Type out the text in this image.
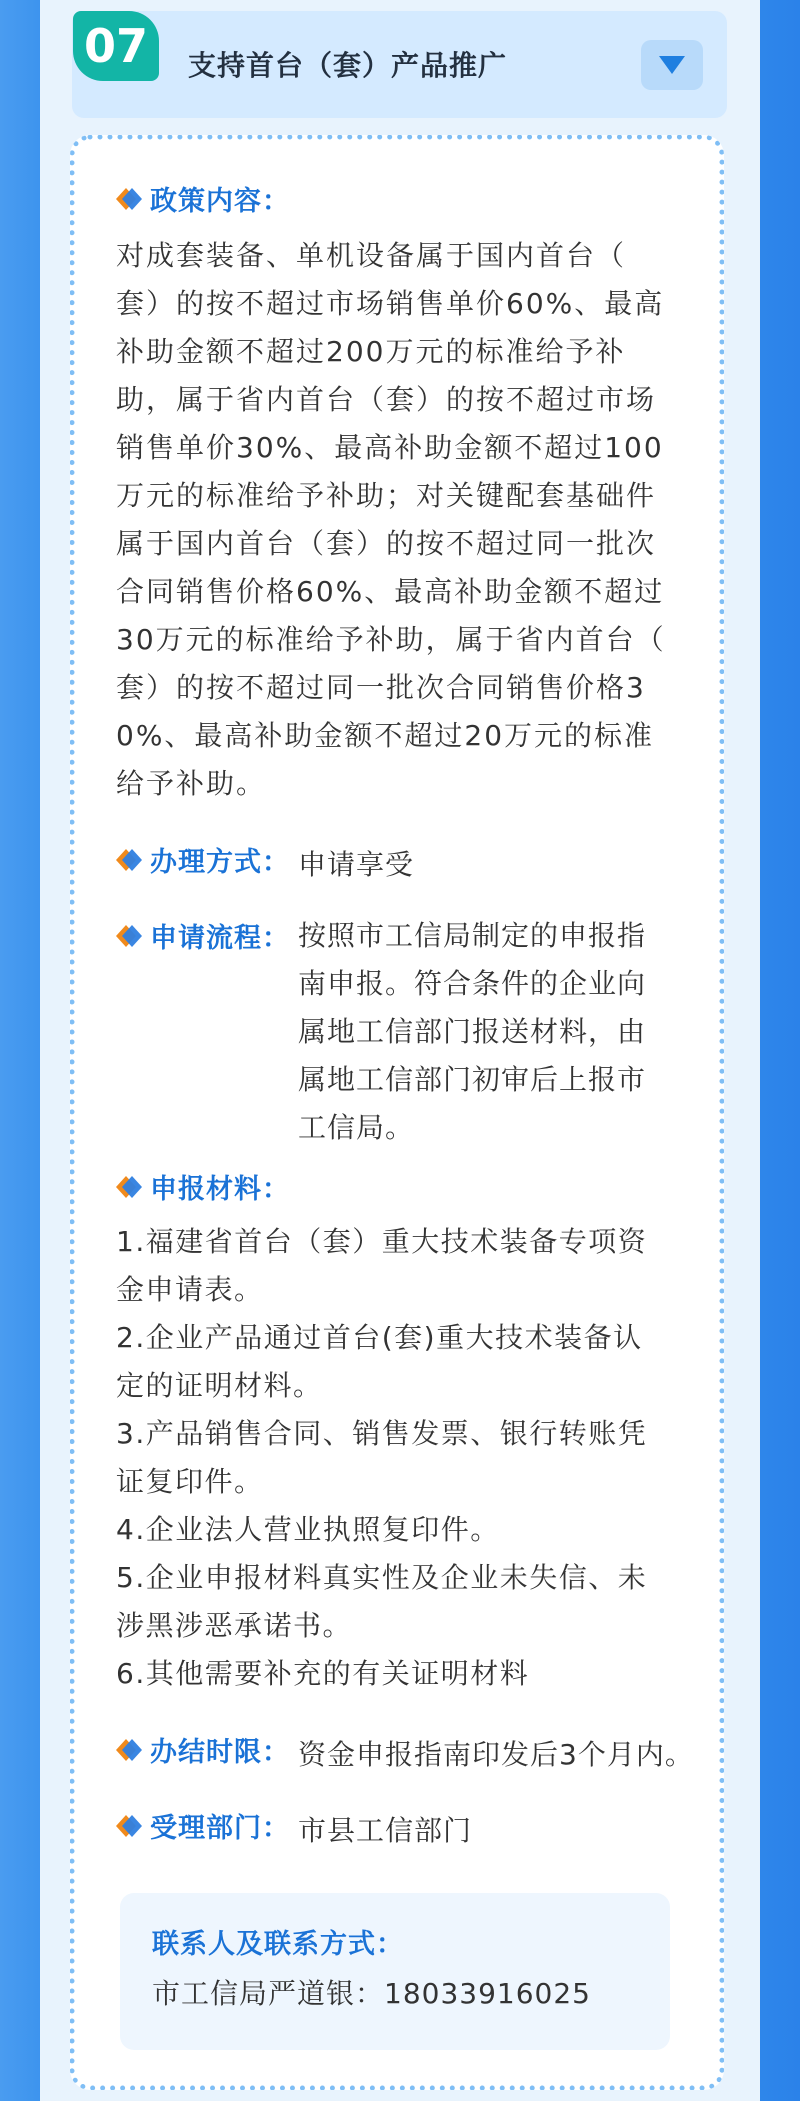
07	支持首台（套）产品推广
政策内容：
对成套装备、单机设备属于国内首台（
套）的按不超过市场销售单价60%、最高
补助金额不超过200万元的标准给予补
助，属于省内首台（套）的按不超过市场
销售单价30%、最高补助金额不超过100
万元的标准给予补助；对关键配套基础件
属于国内首台（套）的按不超过同一批次
合同销售价格60%、最高补助金额不超过
30万元的标准给予补助，属于省内首台（
套）的按不超过同一批次合同销售价格3
0%、最高补助金额不超过20万元的标准
给予补助。
办理方式： 申请享受
申请流程： 按照市工信局制定的申报指
南申报。符合条件的企业向
属地工信部门报送材料，由
属地工信部门初审后上报市
工信局。
申报材料：
1.福建省首台（套）重大技术装备专项资
金申请表。
2.企业产品通过首台(套)重大技术装备认
定的证明材料。
3.产品销售合同、销售发票、银行转账凭
证复印件。
4.企业法人营业执照复印件。
5.企业申报材料真实性及企业未失信、未
涉黑涉恶承诺书。
6.其他需要补充的有关证明材料
办结时限： 资金申报指南印发后3个月内。
受理部门： 市县工信部门
联系人及联系方式：
市工信局严道银：18033916025
